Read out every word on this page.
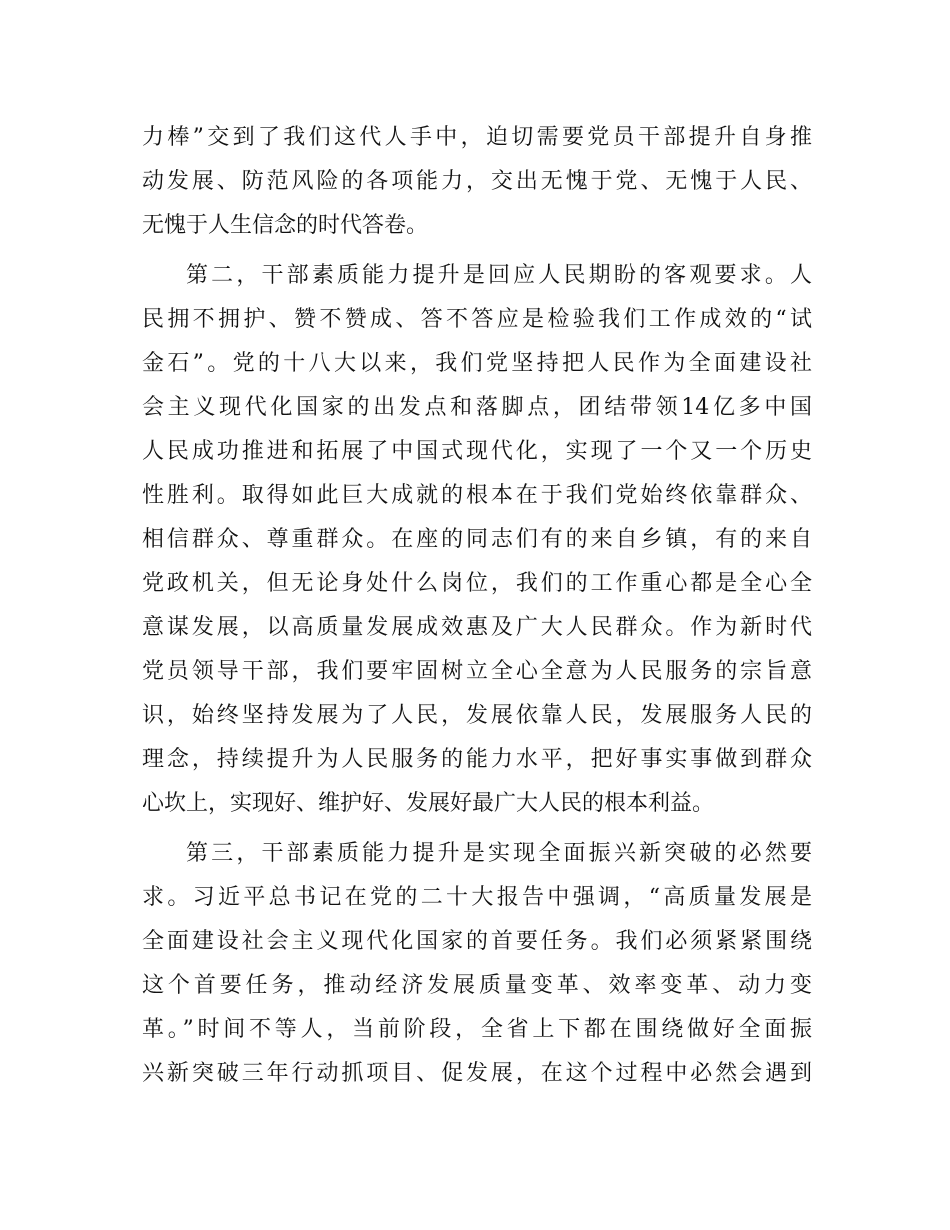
力棒”交到了我们这代人手中，迫切需要党员干部提升自身推
动发展、防范风险的各项能力，交出无愧于党、无愧于人民、
无愧于人生信念的时代答卷。
第二，干部素质能力提升是回应人民期盼的客观要求。人
民拥不拥护、赞不赞成、答不答应是检验我们工作成效的“试
金石”。党的十八大以来，我们党坚持把人民作为全面建设社
会主义现代化国家的出发点和落脚点，团结带领14亿多中国
人民成功推进和拓展了中国式现代化，实现了一个又一个历史
性胜利。取得如此巨大成就的根本在于我们党始终依靠群众、
相信群众、尊重群众。在座的同志们有的来自乡镇，有的来自
党政机关，但无论身处什么岗位，我们的工作重心都是全心全
意谋发展，以高质量发展成效惠及广大人民群众。作为新时代
党员领导干部，我们要牢固树立全心全意为人民服务的宗旨意
识，始终坚持发展为了人民，发展依靠人民，发展服务人民的
理念，持续提升为人民服务的能力水平，把好事实事做到群众
心坎上，实现好、维护好、发展好最广大人民的根本利益。
第三，干部素质能力提升是实现全面振兴新突破的必然要
求。习近平总书记在党的二十大报告中强调，“高质量发展是
全面建设社会主义现代化国家的首要任务。我们必须紧紧围绕
这个首要任务，推动经济发展质量变革、效率变革、动力变
革。”时间不等人，当前阶段，全省上下都在围绕做好全面振
兴新突破三年行动抓项目、促发展，在这个过程中必然会遇到
